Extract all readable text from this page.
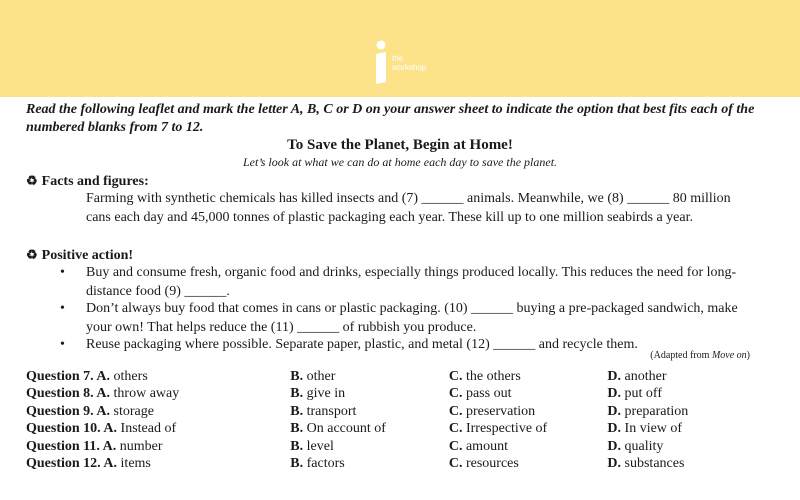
the IELTS
workshop
Read the following leaflet and mark the letter A, B, C or D on your answer sheet to indicate the option that best fits each of the numbered blanks from 7 to 12.
To Save the Planet, Begin at Home!
Let’s look at what we can do at home each day to save the planet.
♻ Facts and figures:
Farming with synthetic chemicals has killed insects and (7) ______ animals. Meanwhile, we (8) ______ 80 million cans each day and 45,000 tonnes of plastic packaging each year. These kill up to one million seabirds a year.
♻ Positive action!
• Buy and consume fresh, organic food and drinks, especially things produced locally. This reduces the need for long-distance food (9) ______.
• Don’t always buy food that comes in cans or plastic packaging. (10) ______ buying a pre-packaged sandwich, make your own! That helps reduce the (11) ______ of rubbish you produce.
• Reuse packaging where possible. Separate paper, plastic, and metal (12) ______ and recycle them.
(Adapted from Move on)
Question 7. A. others	B. other	C. the others	D. another
Question 8. A. throw away	B. give in	C. pass out	D. put off
Question 9. A. storage	B. transport	C. preservation	D. preparation
Question 10. A. Instead of	B. On account of	C. Irrespective of	D. In view of
Question 11. A. number	B. level	C. amount	D. quality
Question 12. A. items	B. factors	C. resources	D. substances
